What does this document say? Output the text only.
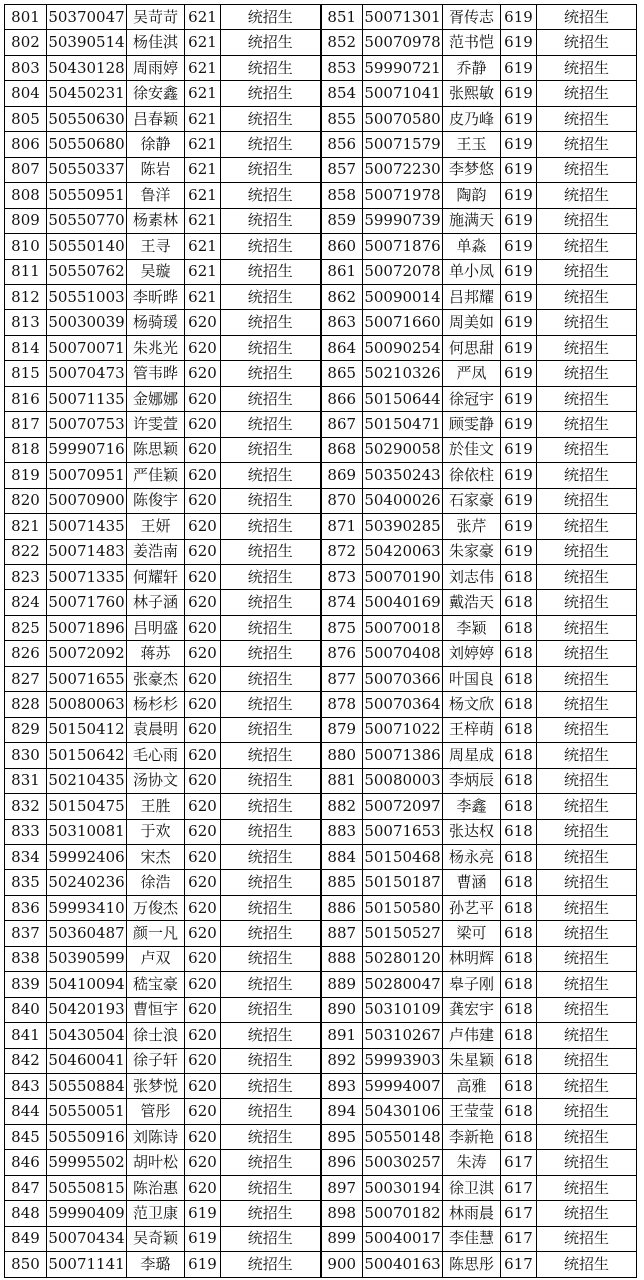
801	50370047	吴苛苛	621	统招生	851	50071301	胥传志	619	统招生
802	50390514	杨佳淇	621	统招生	852	50070978	范书恺	619	统招生
803	50430128	周雨婷	621	统招生	853	59990721	乔静	619	统招生
804	50450231	徐安鑫	621	统招生	854	50071041	张熙敏	619	统招生
805	50550630	吕春颖	621	统招生	855	50070580	皮乃峰	619	统招生
806	50550680	徐静	621	统招生	856	50071579	王玉	619	统招生
807	50550337	陈岩	621	统招生	857	50072230	李梦悠	619	统招生
808	50550951	鲁洋	621	统招生	858	50071978	陶韵	619	统招生
809	50550770	杨素林	621	统招生	859	59990739	施满天	619	统招生
810	50550140	王寻	621	统招生	860	50071876	单淼	619	统招生
811	50550762	吴璇	621	统招生	861	50072078	单小凤	619	统招生
812	50551003	李昕晔	621	统招生	862	50090014	吕邦耀	619	统招生
813	50030039	杨骑瑗	620	统招生	863	50071660	周美如	619	统招生
814	50070071	朱兆光	620	统招生	864	50090254	何思甜	619	统招生
815	50070473	管韦晔	620	统招生	865	50210326	严凤	619	统招生
816	50071135	金娜娜	620	统招生	866	50150644	徐冠宇	619	统招生
817	50070753	许雯萱	620	统招生	867	50150471	顾雯静	619	统招生
818	59990716	陈思颖	620	统招生	868	50290058	於佳文	619	统招生
819	50070951	严佳颖	620	统招生	869	50350243	徐依柱	619	统招生
820	50070900	陈俊宇	620	统招生	870	50400026	石家豪	619	统招生
821	50071435	王妍	620	统招生	871	50390285	张芹	619	统招生
822	50071483	姜浩南	620	统招生	872	50420063	朱家豪	619	统招生
823	50071335	何耀轩	620	统招生	873	50070190	刘志伟	618	统招生
824	50071760	林子涵	620	统招生	874	50040169	戴浩天	618	统招生
825	50071896	吕明盛	620	统招生	875	50070018	李颖	618	统招生
826	50072092	蒋苏	620	统招生	876	50070408	刘婷婷	618	统招生
827	50071655	张豪杰	620	统招生	877	50070366	叶国良	618	统招生
828	50080063	杨杉杉	620	统招生	878	50070364	杨文欣	618	统招生
829	50150412	袁晨明	620	统招生	879	50071022	王梓萌	618	统招生
830	50150642	毛心雨	620	统招生	880	50071386	周星成	618	统招生
831	50210435	汤协文	620	统招生	881	50080003	李炳辰	618	统招生
832	50150475	王胜	620	统招生	882	50072097	李鑫	618	统招生
833	50310081	于欢	620	统招生	883	50071653	张达权	618	统招生
834	59992406	宋杰	620	统招生	884	50150468	杨永亮	618	统招生
835	50240236	徐浩	620	统招生	885	50150187	曹涵	618	统招生
836	59993410	万俊杰	620	统招生	886	50150580	孙艺平	618	统招生
837	50360487	颜一凡	620	统招生	887	50150527	梁可	618	统招生
838	50390599	卢双	620	统招生	888	50280120	林明辉	618	统招生
839	50410094	嵇宝豪	620	统招生	889	50280047	皋子刚	618	统招生
840	50420193	曹恒宇	620	统招生	890	50310109	龚宏宇	618	统招生
841	50430504	徐士浪	620	统招生	891	50310267	卢伟建	618	统招生
842	50460041	徐子轩	620	统招生	892	59993903	朱星颖	618	统招生
843	50550884	张梦悦	620	统招生	893	59994007	高雅	618	统招生
844	50550051	管彤	620	统招生	894	50430106	王莹莹	618	统招生
845	50550916	刘陈诗	620	统招生	895	50550148	李新艳	618	统招生
846	59995502	胡叶松	620	统招生	896	50030257	朱涛	617	统招生
847	50550815	陈治惠	620	统招生	897	50030194	徐卫淇	617	统招生
848	59990409	范卫康	619	统招生	898	50070182	林雨晨	617	统招生
849	50070434	吴奇颖	619	统招生	899	50040017	李佳慧	617	统招生
850	50071141	李璐	619	统招生	900	50040163	陈思彤	617	统招生
